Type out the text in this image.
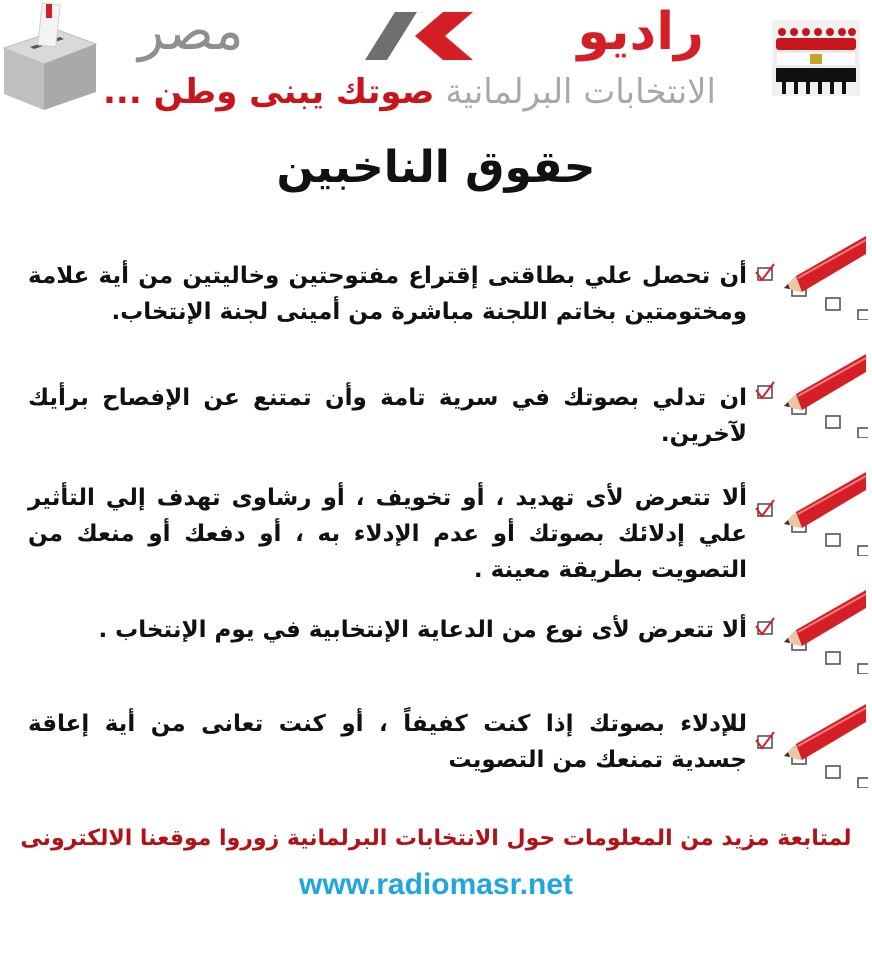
راديو
مصر
الانتخابات البرلمانية صوتك يبنى وطن ...
حقوق الناخبين
أن تحصل علي بطاقتى إقتراع مفتوحتين وخاليتين من أية علامة ومختومتين بخاتم اللجنة مباشرة من أمينى لجنة الإنتخاب.
ان تدلي بصوتك في سرية تامة وأن تمتنع عن الإفصاح برأيك لآخرين.
ألا تتعرض لأى تهديد ، أو تخويف ، أو رشاوى تهدف إلي التأثير علي إدلائك بصوتك أو عدم الإدلاء به ، أو دفعك أو منعك من التصويت بطريقة معينة .
ألا تتعرض لأى نوع من الدعاية الإنتخابية في يوم الإنتخاب .
للإدلاء بصوتك إذا كنت كفيفاً ، أو كنت تعانى من أية إعاقة جسدية تمنعك من التصويت
لمتابعة مزيد من المعلومات حول الانتخابات البرلمانية زوروا موقعنا الالكترونى
www.radiomasr.net
